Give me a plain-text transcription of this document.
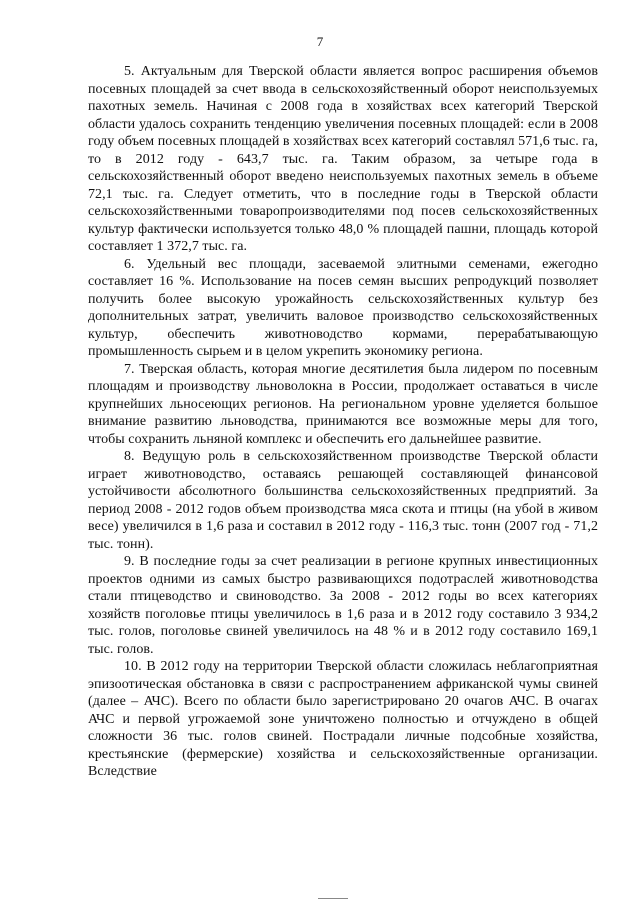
7

5. Актуальным для Тверской области является вопрос расширения объемов посевных площадей за счет ввода в сельскохозяйственный оборот неиспользуемых пахотных земель. Начиная с 2008 года в хозяйствах всех категорий Тверской области удалось сохранить тенденцию увеличения посевных площадей: если в 2008 году объем посевных площадей в хозяйствах всех категорий составлял 571,6 тыс. га, то в 2012 году - 643,7 тыс. га. Таким образом, за четыре года в сельскохозяйственный оборот введено неиспользуемых пахотных земель в объеме 72,1 тыс. га. Следует отметить, что в последние годы в Тверской области сельскохозяйственными товаропроизводителями под посев сельскохозяйственных культур фактически используется только 48,0 % площадей пашни, площадь которой составляет 1 372,7 тыс. га.

6. Удельный вес площади, засеваемой элитными семенами, ежегодно составляет 16 %. Использование на посев семян высших репродукций позволяет получить более высокую урожайность сельскохозяйственных культур без дополнительных затрат, увеличить валовое производство сельскохозяйственных культур, обеспечить животноводство кормами, перерабатывающую промышленность сырьем и в целом укрепить экономику региона.

7. Тверская область, которая многие десятилетия была лидером по посевным площадям и производству льноволокна в России, продолжает оставаться в числе крупнейших льносеющих регионов. На региональном уровне уделяется большое внимание развитию льноводства, принимаются все возможные меры для того, чтобы сохранить льняной комплекс и обеспечить его дальнейшее развитие.

8. Ведущую роль в сельскохозяйственном производстве Тверской области играет животноводство, оставаясь решающей составляющей финансовой устойчивости абсолютного большинства сельскохозяйственных предприятий. За период 2008 - 2012 годов объем производства мяса скота и птицы (на убой в живом весе) увеличился в 1,6 раза и составил в 2012 году - 116,3 тыс. тонн (2007 год - 71,2 тыс. тонн).

9. В последние годы за счет реализации в регионе крупных инвестиционных проектов одними из самых быстро развивающихся подотраслей животноводства стали птицеводство и свиноводство. За 2008 - 2012 годы во всех категориях хозяйств поголовье птицы увеличилось в 1,6 раза и в 2012 году составило 3 934,2 тыс. голов, поголовье свиней увеличилось на 48 % и в 2012 году составило 169,1 тыс. голов.

10. В 2012 году на территории Тверской области сложилась неблагоприятная эпизоотическая обстановка в связи с распространением африканской чумы свиней (далее – АЧС). Всего по области было зарегистрировано 20 очагов АЧС. В очагах АЧС и первой угрожаемой зоне уничтожено полностью и отчуждено в общей сложности 36 тыс. голов свиней. Пострадали личные подсобные хозяйства, крестьянские (фермерские) хозяйства и сельскохозяйственные организации. Вследствие
